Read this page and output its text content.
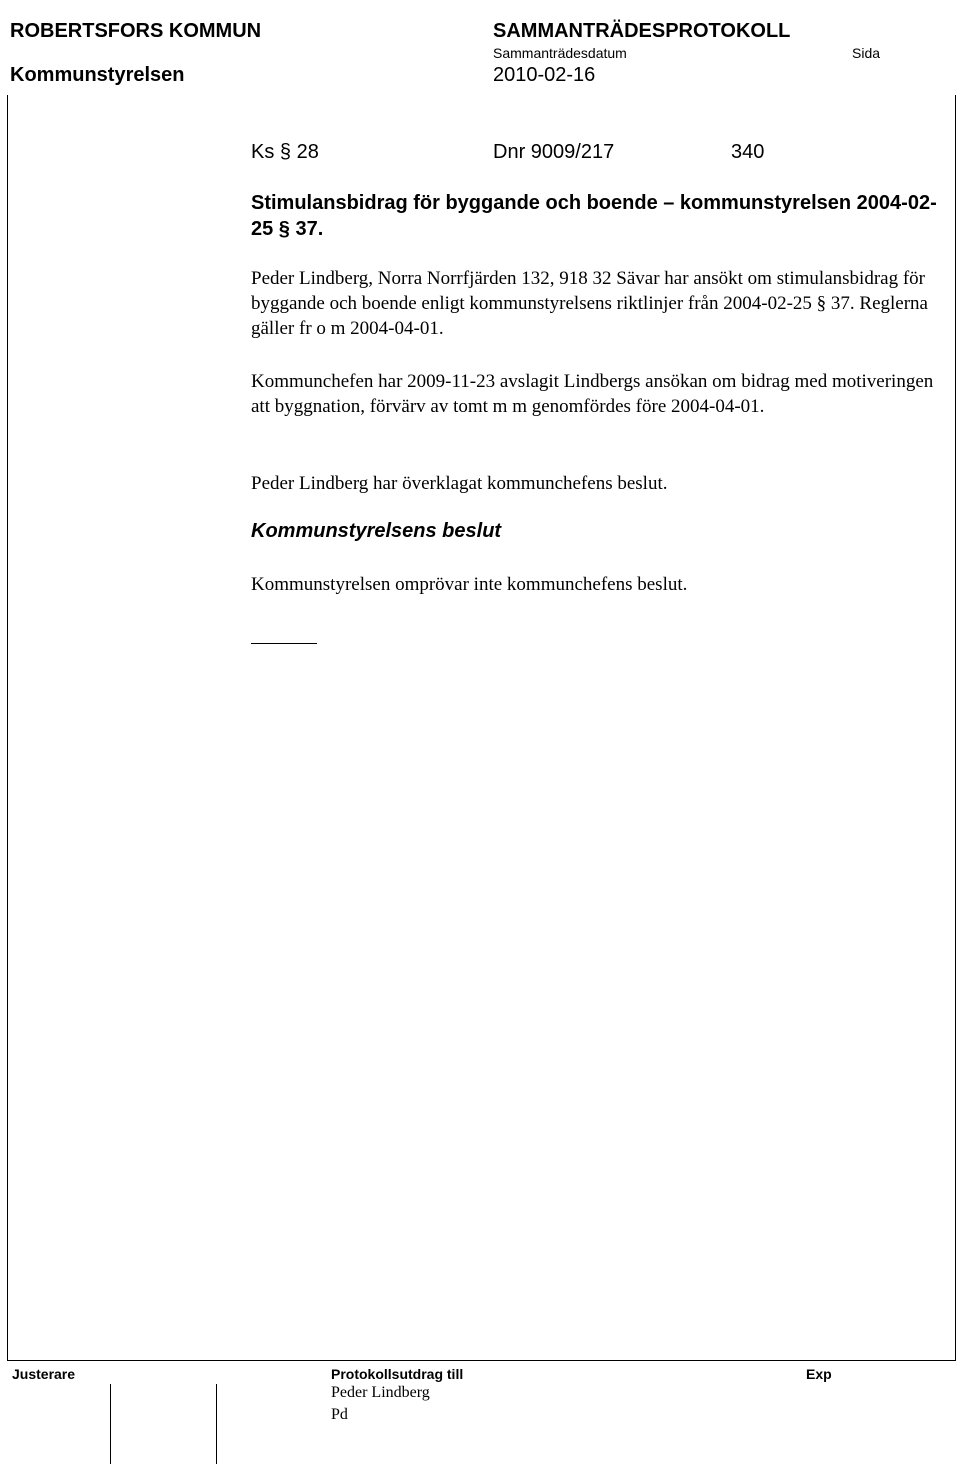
ROBERTSFORS KOMMUN	SAMMANTRÄDESPROTOKOLL
Sammanträdesdatum	Sida
Kommunstyrelsen	2010-02-16
Ks § 28	Dnr 9009/217	340
Stimulansbidrag för byggande och boende – kommunstyrelsen 2004-02-25 § 37.
Peder Lindberg, Norra Norrfjärden 132, 918 32 Sävar har ansökt om stimulansbidrag för byggande och boende enligt kommunstyrelsens riktlinjer från 2004-02-25 § 37. Reglerna gäller fr o m 2004-04-01.
Kommunchefen har 2009-11-23 avslagit Lindbergs ansökan om bidrag med motiveringen att byggnation, förvärv av tomt m m genomfördes före 2004-04-01.
Peder Lindberg har överklagat kommunchefens beslut.
Kommunstyrelsens beslut
Kommunstyrelsen omprövar inte kommunchefens beslut.
Justerare	Protokollsutdrag till	Exp
Peder Lindberg
Pd
